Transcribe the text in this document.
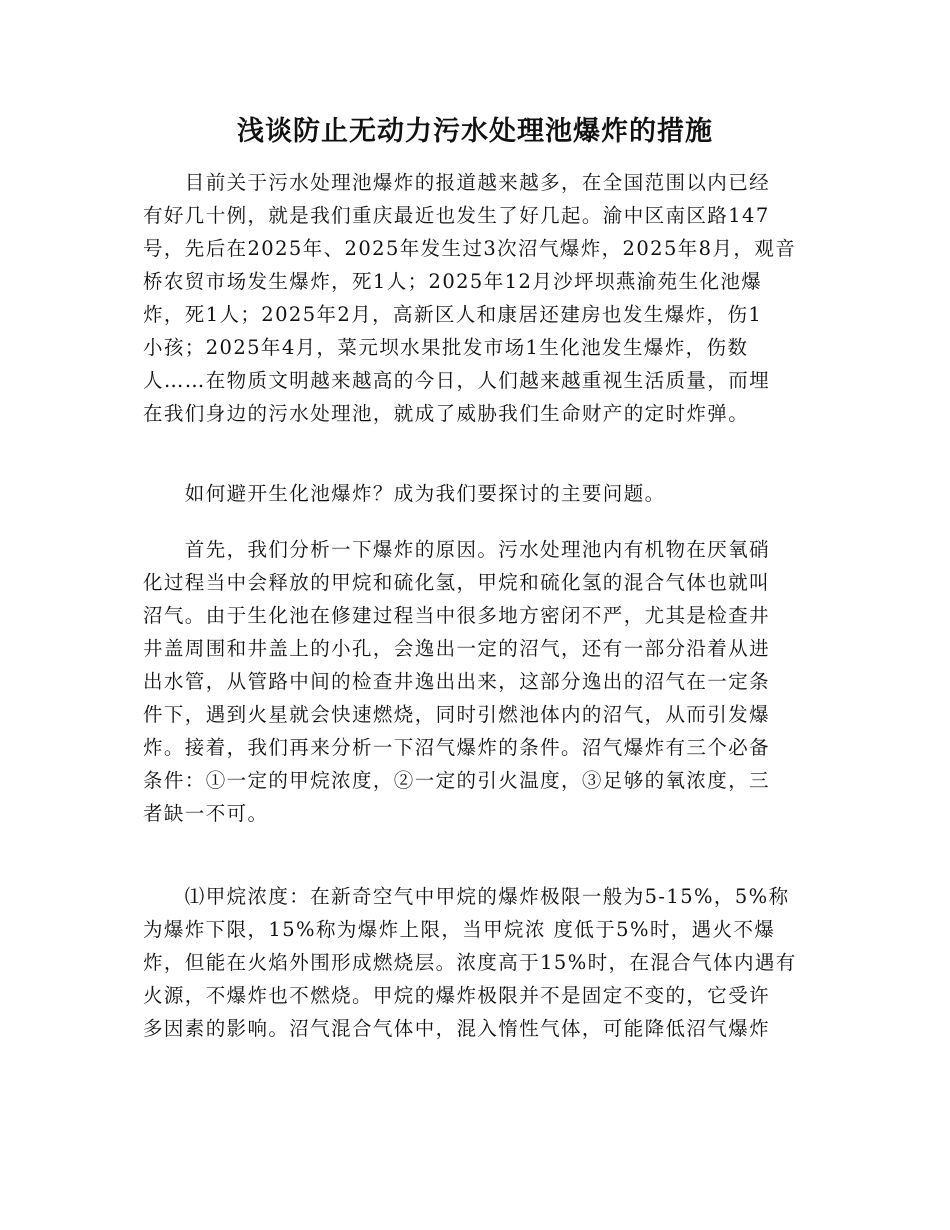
浅谈防止无动力污水处理池爆炸的措施
　　目前关于污水处理池爆炸的报道越来越多，在全国范围以内已经
有好几十例，就是我们重庆最近也发生了好几起。渝中区南区路147
号，先后在2025年、2025年发生过3次沼气爆炸，2025年8月，观音
桥农贸市场发生爆炸，死1人；2025年12月沙坪坝燕渝苑生化池爆
炸，死1人；2025年2月，高新区人和康居还建房也发生爆炸，伤1
小孩；2025年4月，菜元坝水果批发市场1生化池发生爆炸，伤数
人……在物质文明越来越高的今日，人们越来越重视生活质量，而埋
在我们身边的污水处理池，就成了威胁我们生命财产的定时炸弹。
　　如何避开生化池爆炸？成为我们要探讨的主要问题。
　　首先，我们分析一下爆炸的原因。污水处理池内有机物在厌氧硝
化过程当中会释放的甲烷和硫化氢，甲烷和硫化氢的混合气体也就叫
沼气。由于生化池在修建过程当中很多地方密闭不严，尤其是检查井
井盖周围和井盖上的小孔，会逸出一定的沼气，还有一部分沿着从进
出水管，从管路中间的检查井逸出出来，这部分逸出的沼气在一定条
件下，遇到火星就会快速燃烧，同时引燃池体内的沼气，从而引发爆
炸。接着，我们再来分析一下沼气爆炸的条件。沼气爆炸有三个必备
条件：①一定的甲烷浓度，②一定的引火温度，③足够的氧浓度，三
者缺一不可。
　　⑴甲烷浓度：在新奇空气中甲烷的爆炸极限一般为5-15%，5%称
为爆炸下限，15%称为爆炸上限，当甲烷浓 度低于5%时，遇火不爆
炸，但能在火焰外围形成燃烧层。浓度高于15%时，在混合气体内遇有
火源，不爆炸也不燃烧。甲烷的爆炸极限并不是固定不变的，它受许
多因素的影响。沼气混合气体中，混入惰性气体，可能降低沼气爆炸
